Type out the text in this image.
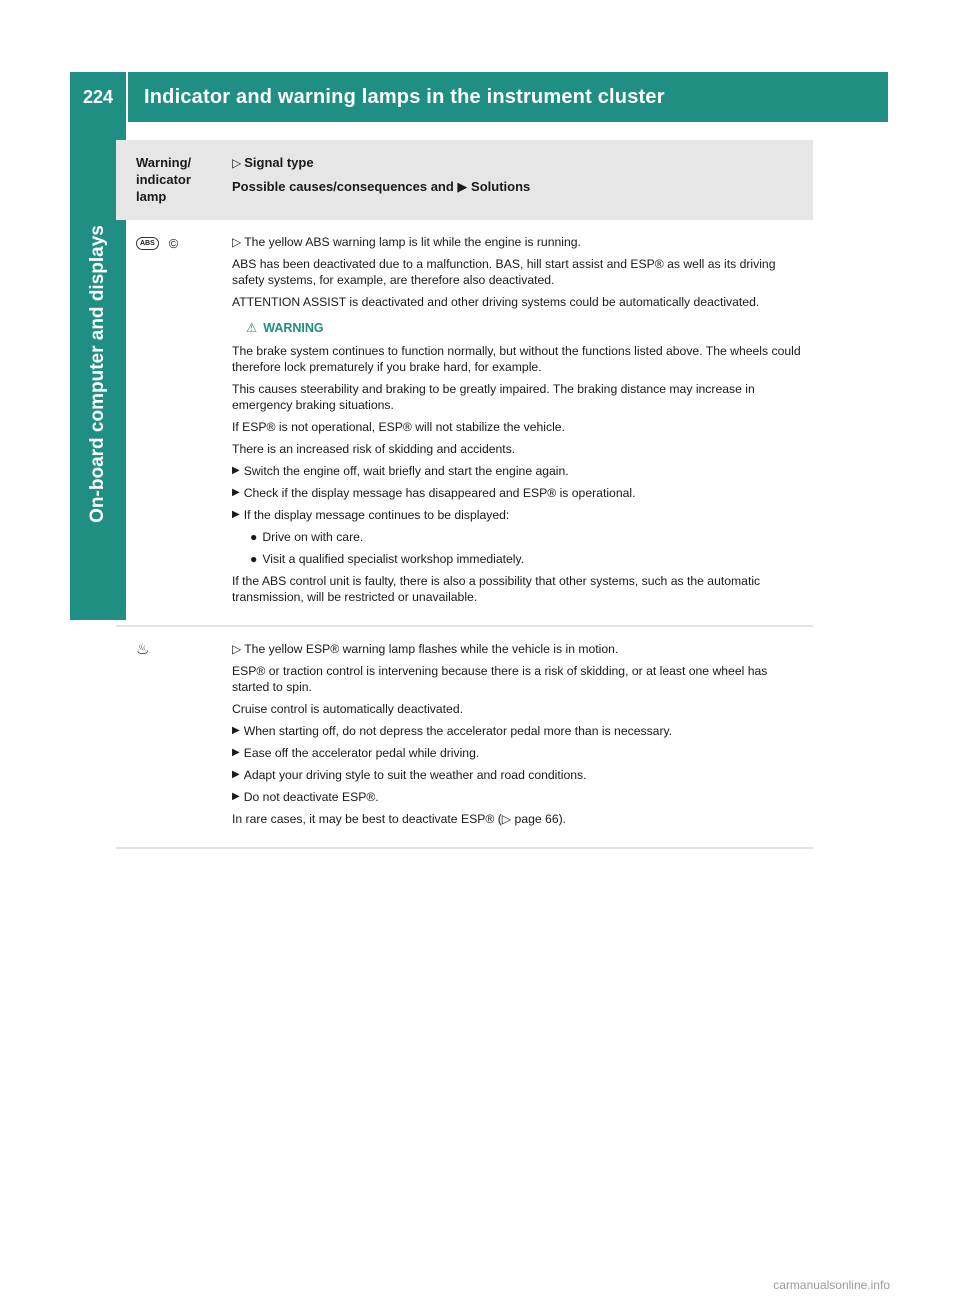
224	Indicator and warning lamps in the instrument cluster
On-board computer and displays
Warning/ indicator lamp
▷ Signal type
Possible causes/consequences and ▶ Solutions
ABS	©	▷ The yellow ABS warning lamp is lit while the engine is running.

ABS has been deactivated due to a malfunction. BAS, hill start assist and ESP® as well as its driving safety systems, for example, are therefore also deactivated.

ATTENTION ASSIST is deactivated and other driving systems could be automatically deactivated.

⚠ WARNING

The brake system continues to function normally, but without the functions listed above. The wheels could therefore lock prematurely if you brake hard, for example.

This causes steerability and braking to be greatly impaired. The braking distance may increase in emergency braking situations.

If ESP® is not operational, ESP® will not stabilize the vehicle.

There is an increased risk of skidding and accidents.

▶ Switch the engine off, wait briefly and start the engine again.
▶ Check if the display message has disappeared and ESP® is operational.
▶ If the display message continues to be displayed:
● Drive on with care.
● Visit a qualified specialist workshop immediately.

If the ABS control unit is faulty, there is also a possibility that other systems, such as the automatic transmission, will be restricted or unavailable.

♨	▷ The yellow ESP® warning lamp flashes while the vehicle is in motion.

ESP® or traction control is intervening because there is a risk of skidding, or at least one wheel has started to spin.

Cruise control is automatically deactivated.

▶ When starting off, do not depress the accelerator pedal more than is necessary.
▶ Ease off the accelerator pedal while driving.
▶ Adapt your driving style to suit the weather and road conditions.
▶ Do not deactivate ESP®.

In rare cases, it may be best to deactivate ESP® (▷ page 66).

carmanualsonline.info
